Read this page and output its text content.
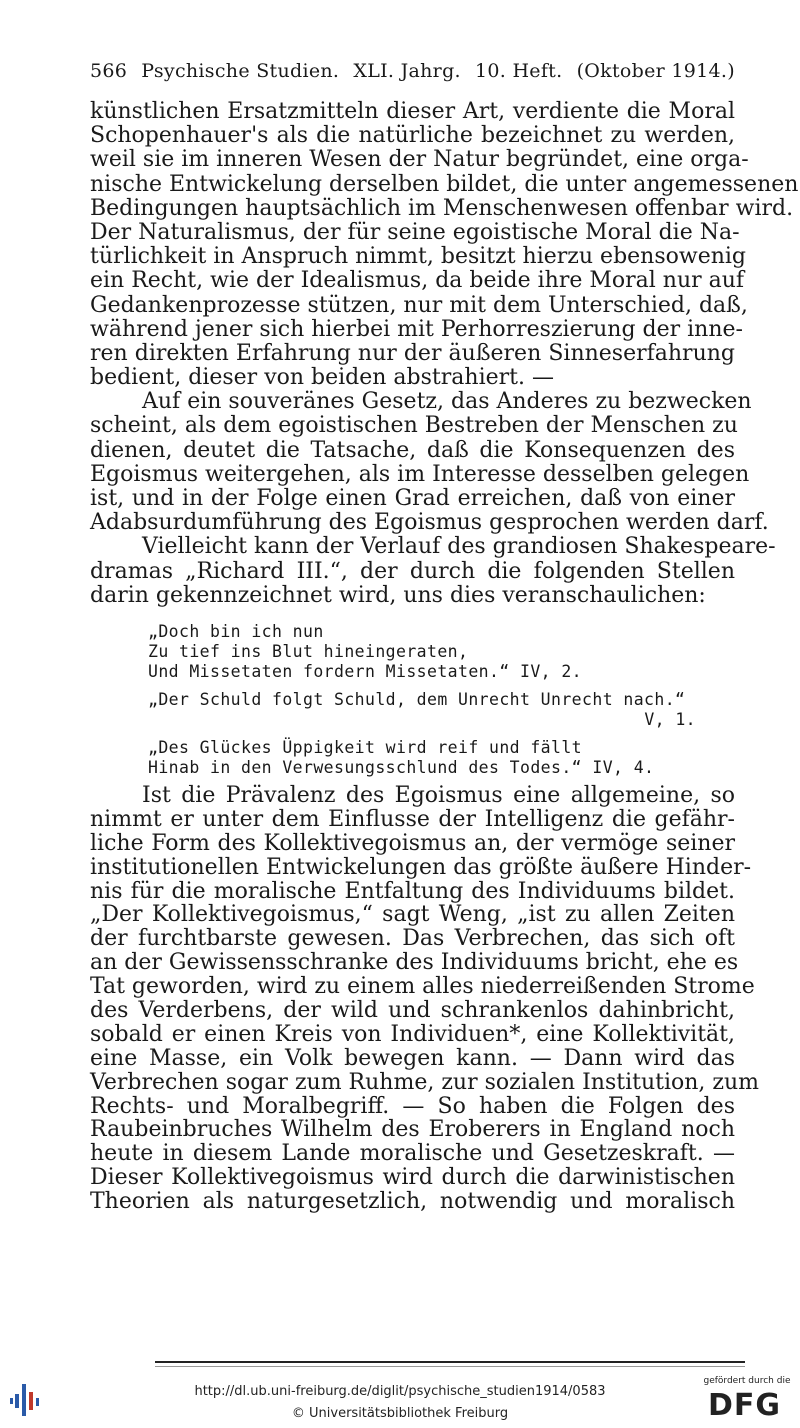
566 Psychische Studien. XLI. Jahrg. 10. Heft. (Oktober 1914.)
künstlichen Ersatzmitteln dieser Art, verdiente die Moral
Schopenhauer's als die natürliche bezeichnet zu werden,
weil sie im inneren Wesen der Natur begründet, eine orga-
nische Entwickelung derselben bildet, die unter angemessenen
Bedingungen hauptsächlich im Menschenwesen offenbar wird.
Der Naturalismus, der für seine egoistische Moral die Na-
türlichkeit in Anspruch nimmt, besitzt hierzu ebensowenig
ein Recht, wie der Idealismus, da beide ihre Moral nur auf
Gedankenprozesse stützen, nur mit dem Unterschied, daß,
während jener sich hierbei mit Perhorreszierung der inne-
ren direkten Erfahrung nur der äußeren Sinneserfahrung
bedient, dieser von beiden abstrahiert. —
Auf ein souveränes Gesetz, das Anderes zu bezwecken
scheint, als dem egoistischen Bestreben der Menschen zu
dienen, deutet die Tatsache, daß die Konsequenzen des
Egoismus weitergehen, als im Interesse desselben gelegen
ist, und in der Folge einen Grad erreichen, daß von einer
Adabsurdumführung des Egoismus gesprochen werden darf.
Vielleicht kann der Verlauf des grandiosen Shakespeare-
dramas „Richard III.“, der durch die folgenden Stellen
darin gekennzeichnet wird, uns dies veranschaulichen:
„Doch bin ich nun
Zu tief ins Blut hineingeraten,
Und Missetaten fordern Missetaten.“ IV, 2.
„Der Schuld folgt Schuld, dem Unrecht Unrecht nach.“
V, 1.
„Des Glückes Üppigkeit wird reif und fällt
Hinab in den Verwesungsschlund des Todes.“ IV, 4.
Ist die Prävalenz des Egoismus eine allgemeine, so
nimmt er unter dem Einflusse der Intelligenz die gefähr-
liche Form des Kollektivegoismus an, der vermöge seiner
institutionellen Entwickelungen das größte äußere Hinder-
nis für die moralische Entfaltung des Individuums bildet.
„Der Kollektivegoismus,“ sagt Weng, „ist zu allen Zeiten
der furchtbarste gewesen. Das Verbrechen, das sich oft
an der Gewissensschranke des Individuums bricht, ehe es
Tat geworden, wird zu einem alles niederreißenden Strome
des Verderbens, der wild und schrankenlos dahinbricht,
sobald er einen Kreis von Individuen*, eine Kollektivität,
eine Masse, ein Volk bewegen kann. — Dann wird das
Verbrechen sogar zum Ruhme, zur sozialen Institution, zum
Rechts- und Moralbegriff. — So haben die Folgen des
Raubeinbruches Wilhelm des Eroberers in England noch
heute in diesem Lande moralische und Gesetzeskraft. —
Dieser Kollektivegoismus wird durch die darwinistischen
Theorien als naturgesetzlich, notwendig und moralisch
http://dl.ub.uni-freiburg.de/diglit/psychische_studien1914/0583
© Universitätsbibliothek Freiburg
gefördert durch die
DFG
